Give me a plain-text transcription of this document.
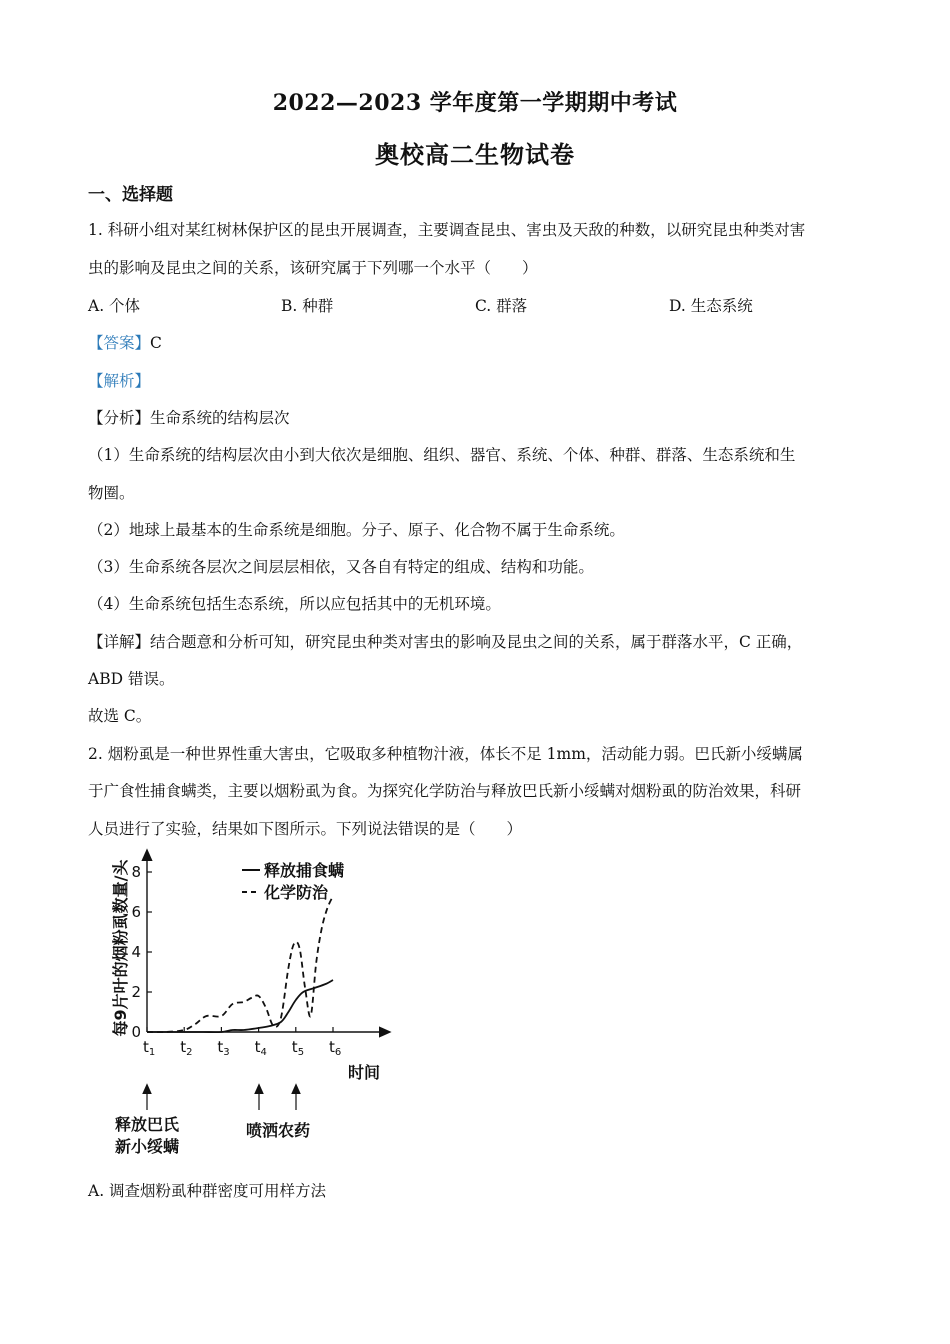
2022—2023 学年度第一学期期中考试
奥校高二生物试卷
一、选择题
1. 科研小组对某红树林保护区的昆虫开展调查，主要调查昆虫、害虫及天敌的种数，以研究昆虫种类对害
虫的影响及昆虫之间的关系，该研究属于下列哪一个水平（　　）
A. 个体	B. 种群	C. 群落	D. 生态系统
【答案】C
【解析】
【分析】生命系统的结构层次
（1）生命系统的结构层次由小到大依次是细胞、组织、器官、系统、个体、种群、群落、生态系统和生
物圈。
（2）地球上最基本的生命系统是细胞。分子、原子、化合物不属于生命系统。
（3）生命系统各层次之间层层相依，又各自有特定的组成、结构和功能。
（4）生命系统包括生态系统，所以应包括其中的无机环境。
【详解】结合题意和分析可知，研究昆虫种类对害虫的影响及昆虫之间的关系，属于群落水平，C 正确，
ABD 错误。
故选 C。
2. 烟粉虱是一种世界性重大害虫，它吸取多种植物汁液，体长不足 1mm，活动能力弱。巴氏新小绥螨属
于广食性捕食螨类，主要以烟粉虱为食。为探究化学防治与释放巴氏新小绥螨对烟粉虱的防治效果，科研
人员进行了实验，结果如下图所示。下列说法错误的是（　　）
每9片叶的烟粉虱数量/头
时间
0
2
4
6
8
$t_1$ $t_2$ $t_3$ $t_4$ $t_5$ $t_6$
释放捕食螨
化学防治
释放巴氏
新小绥螨
喷洒农药
A. 调查烟粉虱种群密度可用样方法
